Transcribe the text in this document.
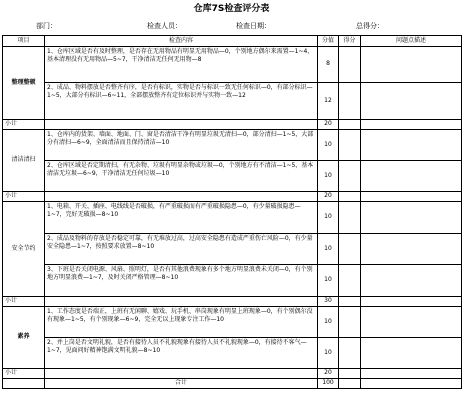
仓库7S检查评分表
部门：	检查人员：	检查日期：	总得分：
项目	检查内容	分值	得分	问题点描述
整理整顿	1、仓库区域是否有及时整理，是否存在无用物品有明显无用物品—0，个别地方偶尔来需置—1~4，基本清理没有无用物品—5~7，干净清洁无任何无用物—8	8		
	2、成品、物料摆放是否整齐有序，是否有标识，实物是否与标识一致无任何标识—0，有部分标识—1~5，大部分有标识—6~11，全部摆放整齐有定位标识并与实物一致—12	12		
小计		20		
清洁清扫	1、仓库内的货架、墙面、地面、门、窗是否清洁干净有明显垃圾无清扫—0，部分清扫—1~5，大部分有清扫—6~9，全面清洁而且保持清洁—10	10		
	2、仓库区域是否定期清扫，有无杂物、垃圾有明显杂物或垃圾—0，个别地方有不清洁—1~5，基本清洁无垃圾—6~9，干净清洁无任何垃圾—10	10		
小计		20		
安全节约	1、电箱、开关、插座、电线线是否破损，有严重破损而有严重破损隐患—0，有少量破损隐患—1~7，完好无破损—8~10	10		
	2、成品及物料的存放是否稳定可靠，有无堆放过高，过高安全隐患有造成严重伤亡风险—0，有少量安全隐患—1~7，按照要求放置—8~10	10		
	3、下班是否关闭电源、风扇、照明灯，是否有其他浪费现象有多个地方明显浪费未关闭—0，有个别地方明显浪费—1~7，及时关闭严格管理—8~10	10		
小计		30		
素养	1、工作态度是否端正，上班有无闲聊、嬉戏、玩手机、串岗现象有明显上班现象—0，有个别偶尔没有现象—1~5，有个别现象—6~9，完全无以上现象专注工作—10	10		
	2、并上岗是否文明礼貌，是否有接待人员不礼貌现象有接待人员不礼貌现象—0，有接待不客气—1~7，见面问好精神饱满文明礼貌—8~10	10		
小计		20		
	合计	100		
